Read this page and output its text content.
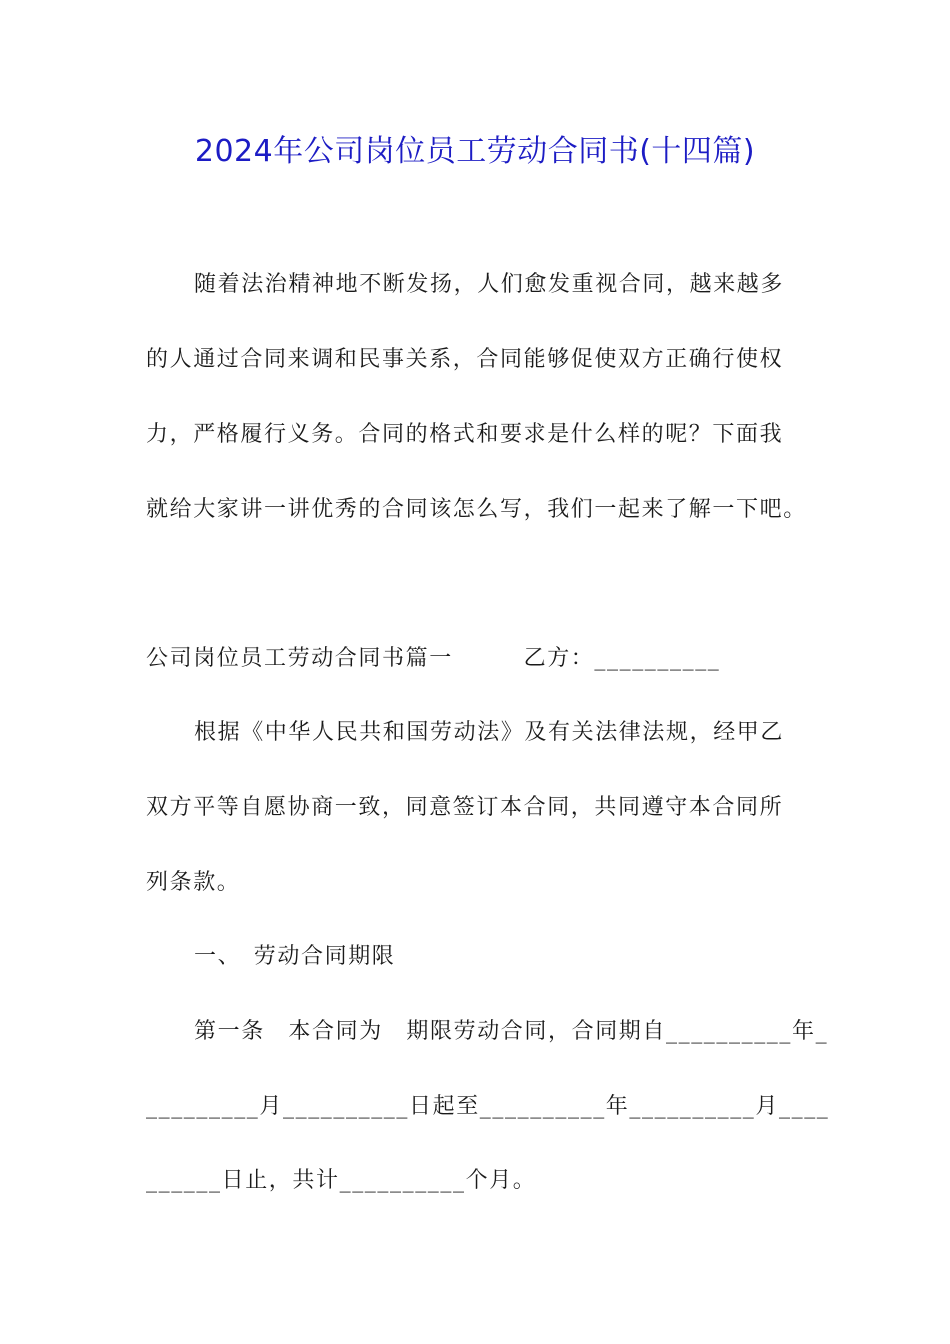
2024年公司岗位员工劳动合同书(十四篇)
随着法治精神地不断发扬，人们愈发重视合同，越来越多
的人通过合同来调和民事关系，合同能够促使双方正确行使权
力，严格履行义务。合同的格式和要求是什么样的呢？下面我
就给大家讲一讲优秀的合同该怎么写，我们一起来了解一下吧。
公司岗位员工劳动合同书篇一　　　乙方：__________
根据《中华人民共和国劳动法》及有关法律法规，经甲乙
双方平等自愿协商一致，同意签订本合同，共同遵守本合同所
列条款。
一、　劳动合同期限
第一条　本合同为　期限劳动合同，合同期自__________年_
_________月__________日起至__________年__________月____
______日止，共计__________个月。
